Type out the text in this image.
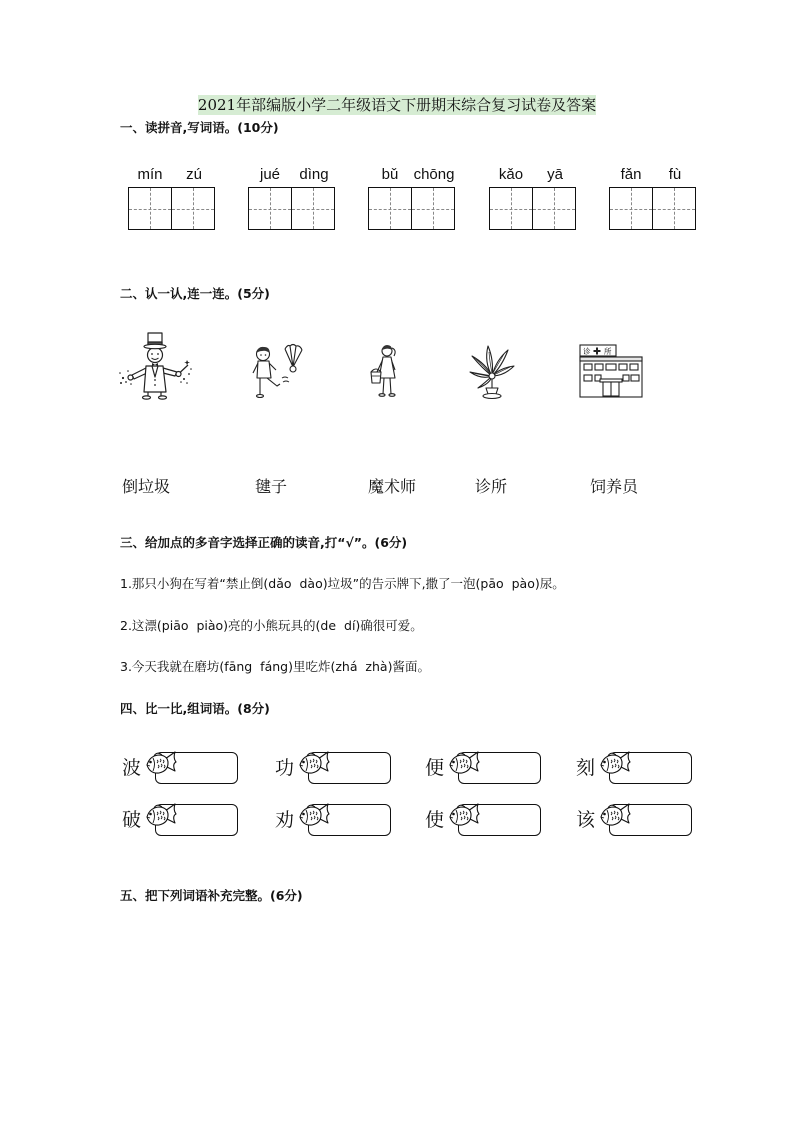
2021年部编版小学二年级语文下册期末综合复习试卷及答案
一、读拼音,写词语。(10分)
mín	zú	jué	dìng	bǔ	chōng	kǎo	yā	fǎn	fù
二、认一认,连一连。(5分)
诊 所
倒垃圾	毽子	魔术师	诊所	饲养员
三、给加点的多音字选择正确的读音,打“√”。(6分)
1.那只小狗在写着“禁止倒(dǎo  dào)垃圾”的告示牌下,撒了一泡(pāo  pào)尿。
2.这漂(piāo  piào)亮的小熊玩具的(de  dí)确很可爱。
3.今天我就在磨坊(fāng  fáng)里吃炸(zhá  zhà)酱面。
四、比一比,组词语。(8分)
波	功	便	刻
破	劝	使	该
五、把下列词语补充完整。(6分)
